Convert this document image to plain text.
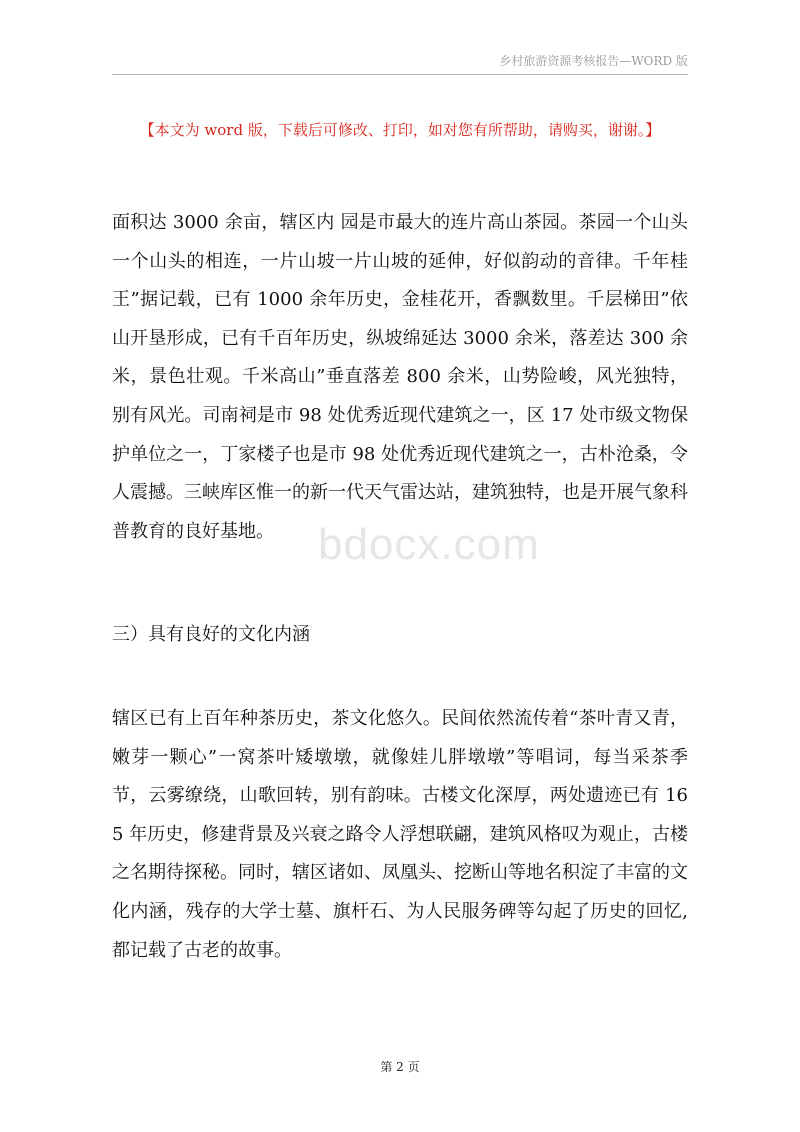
乡村旅游资源考核报告—WORD 版
【本文为 word 版，下载后可修改、打印，如对您有所帮助，请购买，谢谢。】

面积达 3000 余亩，辖区内 园是市最大的连片高山茶园。茶园一个山头一个山头的相连，一片山坡一片山坡的延伸，好似韵动的音律。千年桂王”据记载，已有 1000 余年历史，金桂花开，香飘数里。千层梯田”依山开垦形成，已有千百年历史，纵坡绵延达 3000 余米，落差达 300 余米，景色壮观。千米高山”垂直落差 800 余米，山势险峻，风光独特，别有风光。司南祠是市 98 处优秀近现代建筑之一，区 17 处市级文物保护单位之一，丁家楼子也是市 98 处优秀近现代建筑之一，古朴沧桑，令人震撼。三峡库区惟一的新一代天气雷达站，建筑独特，也是开展气象科普教育的良好基地。

三）具有良好的文化内涵

辖区已有上百年种茶历史，茶文化悠久。民间依然流传着“茶叶青又青，嫩芽一颗心”一窝茶叶矮墩墩，就像娃儿胖墩墩”等唱词，每当采茶季节，云雾缭绕，山歌回转，别有韵味。古楼文化深厚，两处遗迹已有 165 年历史，修建背景及兴衰之路令人浮想联翩，建筑风格叹为观止，古楼之名期待探秘。同时，辖区诸如、凤凰头、挖断山等地名积淀了丰富的文化内涵，残存的大学士墓、旗杆石、为人民服务碑等勾起了历史的回忆,都记载了古老的故事。

bdocx.com
第 2 页
